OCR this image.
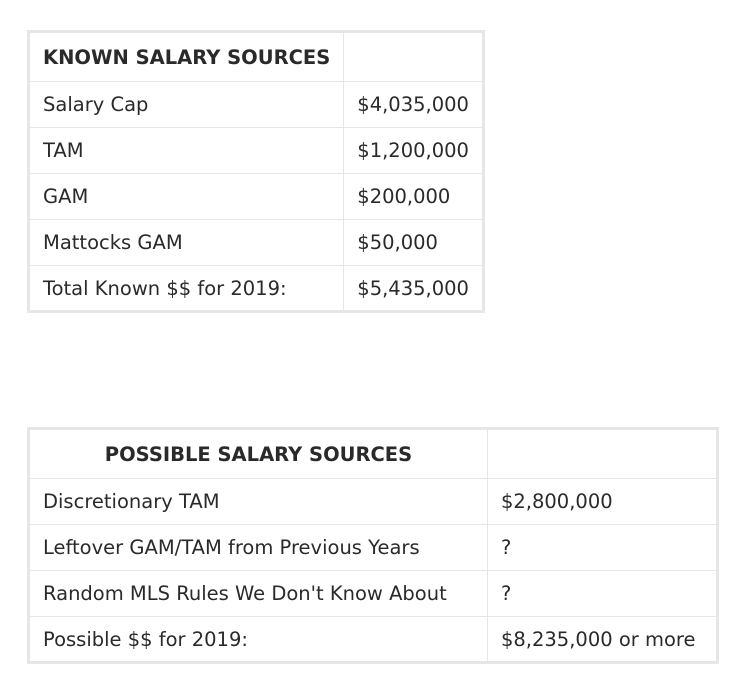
KNOWN SALARY SOURCES	
Salary Cap	$4,035,000
TAM	$1,200,000
GAM	$200,000
Mattocks GAM	$50,000
Total Known $$ for 2019:	$5,435,000
POSSIBLE SALARY SOURCES	
Discretionary TAM	$2,800,000
Leftover GAM/TAM from Previous Years	?
Random MLS Rules We Don't Know About	?
Possible $$ for 2019:	$8,235,000 or more
